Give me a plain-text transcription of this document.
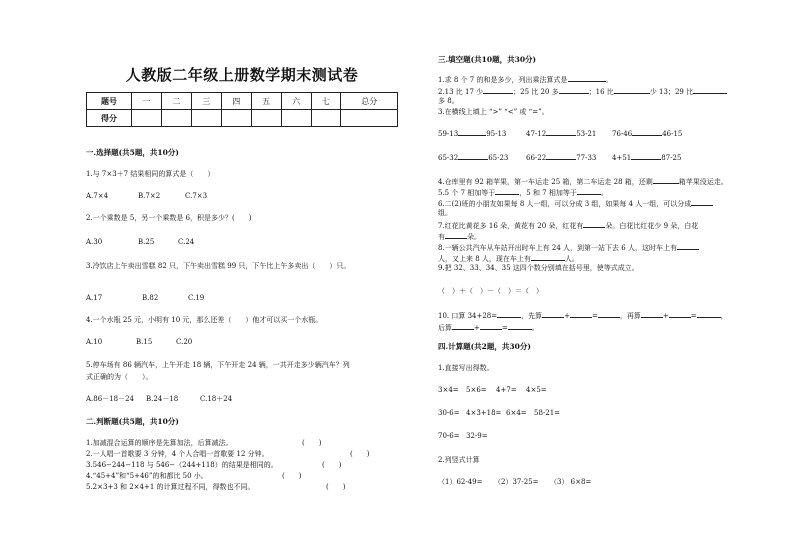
人教版二年级上册数学期末测试卷
题号	一	二	三	四	五	六	七	总分
得分								
一.选择题(共5题，共10分)
1.与 7×3＋7 结果相同的算式是（　　）
A.7×4	B.7×2	C.7×3
2.一个乘数是 5，另一个乘数是 6，积是多少？(　　)
A.30	B.25	C.24
3.冷饮店上午卖出雪糕 82 只，下午卖出雪糕 99 只，下午比上午多卖出（　　）只。
A.17	B.82	C.19
4.一个水瓶 25 元，小明有 10 元，那么还差（　　）他才可以买一个水瓶。
A.10	B.15	C.20
5.停车场有 86 辆汽车，上午开走 18 辆，下午开走 24 辆，一共开走多少辆汽车？列
式正确的为（　　）。
A.86－18－24 B.24－18	C.18＋24
二.判断题(共5题，共10分)
1.加减混合运算的顺序是先算加法，后算减法。	(　　)
2.一人唱一首歌要 3 分钟，4 个人合唱一首歌要 12 分钟。	(　　)
3.546−244−118 与 546−（244+118）的结果是相同的。	(　　)
4.“45+4”和“5+46”的和都比 50 小。	(　　)
5.2×3+3 和 2×4+1 的计算过程不同，得数也不同。	(　　)
三.填空题(共10题，共30分)
1.求 8 个 7 的和是多少，列出乘法算式是	。
2.13 比 17 少	；25 比 20 多	；16 比	少 13；29 比
多 8。
3.在横线上填上 “>” “<” 或 “=”。
59-13	95-13	47-12	53-21 76-46	46-15
65-32	65-23	66-22	77-33 4+51	87-25
4.仓库里有 92 箱苹果，第一车运走 25 箱，第二车运走 28 箱，还剩	箱苹果没运走。
5.5 个 7 相加等于	，5 和 7 相加等于	。
6.二(2)班的小朋友如果每 8 人一组，可以分成 3 组，如果每 4 人一组，可以分成
组。
7.红花比黄花多 16 朵，黄花有 20 朵，红花有	朵。白花比红花少 9 朵，白花
有	朵。
8.一辆公共汽车从车站开出时车上有 24 人，到第一站下去 6 人，这时车上有
人，又上来 8 人，现在车上有	人。
9.把 32、33、34、35 这四个数分别填在括号里，使等式成立。
（　）＋（　）－（　）＝（　）
10. 口算 34+28=	，先算	+	=	，再算	+	=	，
后算	+	=	。
四.计算题(共2题，共30分)
1.直接写出得数。
3×4= 5×6= 4+7= 4×5=
30-6= 4×3+18= 6×4= 58-21=
70-6= 32-9=
2.列竖式计算
（1）62-49= （2）37-25= （3） 6×8=
